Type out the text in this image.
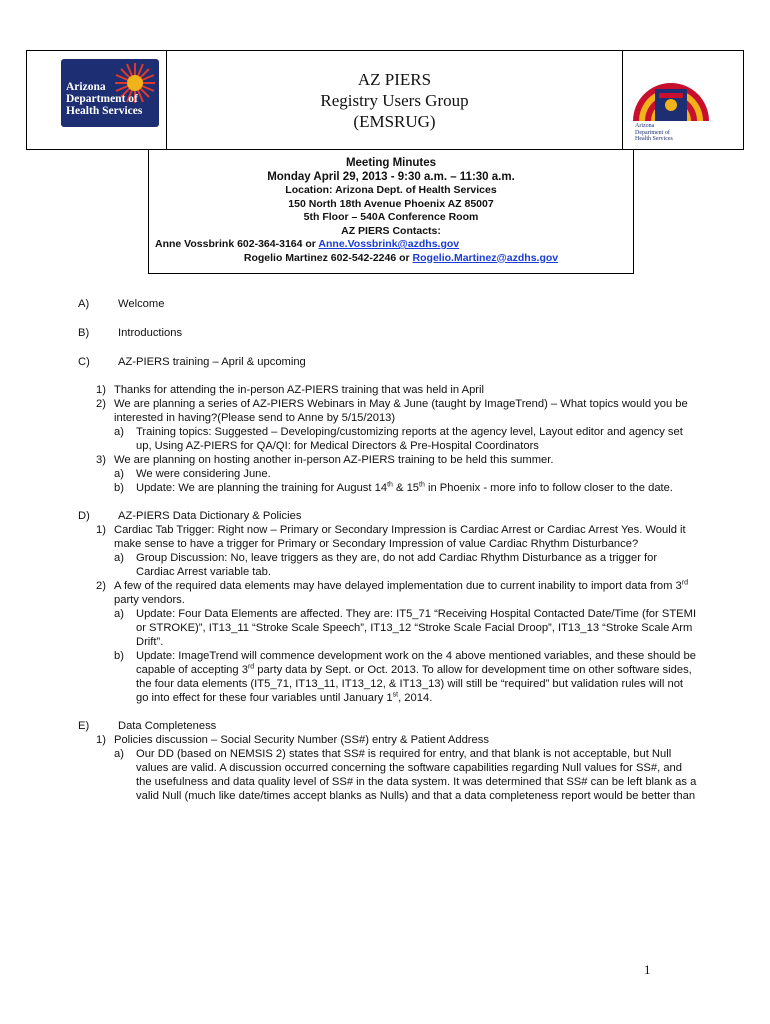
Arizona
Department of
Health Services
AZ PIERS
Registry Users Group
(EMSRUG)	Arizona
Department of
Health Services
Meeting Minutes
Monday April 29, 2013 - 9:30 a.m. – 11:30 a.m.
Location: Arizona Dept. of Health Services
150 North 18th Avenue Phoenix AZ 85007
5th Floor – 540A Conference Room
AZ PIERS Contacts:
Anne Vossbrink 602-364-3164 or Anne.Vossbrink@azdhs.gov
Rogelio Martinez 602-542-2246 or Rogelio.Martinez@azdhs.gov
A)	Welcome
B)	Introductions
C)	AZ-PIERS training – April & upcoming
1) Thanks for attending the in-person AZ-PIERS training that was held in April
2) We are planning a series of AZ-PIERS Webinars in May & June (taught by ImageTrend) – What topics would you be interested in having?(Please send to Anne by 5/15/2013)
a) Training topics: Suggested – Developing/customizing reports at the agency level, Layout editor and agency set up, Using AZ-PIERS for QA/QI: for Medical Directors & Pre-Hospital Coordinators
3) We are planning on hosting another in-person AZ-PIERS training to be held this summer.
a) We were considering June.
b) Update: We are planning the training for August 14th & 15th in Phoenix - more info to follow closer to the date.
D)	AZ-PIERS Data Dictionary & Policies
1) Cardiac Tab Trigger: Right now – Primary or Secondary Impression is Cardiac Arrest or Cardiac Arrest Yes. Would it make sense to have a trigger for Primary or Secondary Impression of value Cardiac Rhythm Disturbance?
a) Group Discussion: No, leave triggers as they are, do not add Cardiac Rhythm Disturbance as a trigger for Cardiac Arrest variable tab.
2) A few of the required data elements may have delayed implementation due to current inability to import data from 3rd party vendors.
a) Update: Four Data Elements are affected. They are: IT5_71 “Receiving Hospital Contacted Date/Time (for STEMI or STROKE)”, IT13_11 “Stroke Scale Speech”, IT13_12 “Stroke Scale Facial Droop”, IT13_13 “Stroke Scale Arm Drift”.
b) Update: ImageTrend will commence development work on the 4 above mentioned variables, and these should be capable of accepting 3rd party data by Sept. or Oct. 2013. To allow for development time on other software sides, the four data elements (IT5_71, IT13_11, IT13_12, & IT13_13) will still be “required” but validation rules will not go into effect for these four variables until January 1st, 2014.
E)	Data Completeness
1) Policies discussion – Social Security Number (SS#) entry & Patient Address
a) Our DD (based on NEMSIS 2) states that SS# is required for entry, and that blank is not acceptable, but Null values are valid. A discussion occurred concerning the software capabilities regarding Null values for SS#, and the usefulness and data quality level of SS# in the data system. It was determined that SS# can be left blank as a valid Null (much like date/times accept blanks as Nulls) and that a data completeness report would be better than
1
